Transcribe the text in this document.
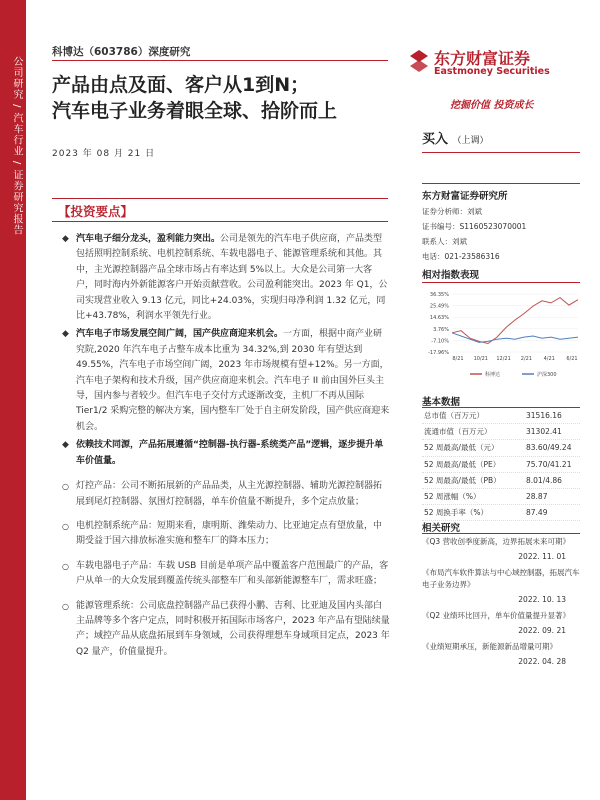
公司研究 / 汽车行业 / 证券研究报告
科博达（603786）深度研究
产品由点及面、客户从1到N；
汽车电子业务着眼全球、拾阶而上
2023 年 08 月 21 日
东方财富证券
Eastmoney Securities
挖掘价值 投资成长
买入 （上调）
东方财富证券研究所
证券分析师：刘斌
证书编号：S1160523070001
联系人：刘斌
电话：021-23586316
相对指数表现
36.35%
25.49%
14.63%
3.76%
-7.10%
-17.96%
8/21 10/21 12/21 2/21 4/21 6/21
科博达	沪深300
基本数据
总市值（百万元）	31516.16
流通市值（百万元）	31302.41
52 周最高/最低（元）	83.60/49.24
52 周最高/最低（PE）	75.70/41.21
52 周最高/最低（PB）	8.01/4.86
52 周涨幅（%）	28.87
52 周换手率（%）	87.49
相关研究
《Q3 营收创季度新高，边界拓展未来可期》
2022. 11. 01
《布局汽车软件算法与中心域控制器，拓展汽车电子业务边界》
2022. 10. 13
《Q2 业绩环比回升，单车价值量提升显著》
2022. 09. 21
《业绩短期承压，新能源新品增量可期》
2022. 04. 28
【投资要点】
◆ 汽车电子细分龙头，盈利能力突出。公司是领先的汽车电子供应商，产品类型包括照明控制系统、电机控制系统、车载电器电子、能源管理系统和其他。其中，主光源控制器产品全球市场占有率达到 5%以上。大众是公司第一大客户，同时海内外新能源客户开始贡献营收。公司盈利能突出。2023 年 Q1，公司实现营业收入 9.13 亿元，同比+24.03%，实现归母净利润 1.32 亿元，同比+43.78%，利润水平领先行业。
◆ 汽车电子市场发展空间广阔，国产供应商迎来机会。一方面，根据中商产业研究院,2020 年汽车电子占整车成本比重为 34.32%,到 2030 年有望达到 49.55%，汽车电子市场空间广阔，2023 年市场规模有望+12%。另一方面，汽车电子架构和技术升级，国产供应商迎来机会。汽车电子 II 前由国外巨头主导，国内参与者较少。但汽车电子交付方式逐渐改变，主机厂不再从国际 Tier1/2 采购完整的解决方案，国内整车厂处于自主研发阶段，国产供应商迎来机会。
◆ 依赖技术同源，产品拓展遵循“控制器-执行器-系统类产品”逻辑，逐步提升单车价值量。
○ 灯控产品：公司不断拓展新的产品品类，从主光源控制器、辅助光源控制器拓展到尾灯控制器、氛围灯控制器，单车价值量不断提升，多个定点放量；
○ 电机控制系统产品：短期来看，康明斯、潍柴动力、比亚迪定点有望放量，中期受益于国六排放标准实施和整车厂的降本压力；
○ 车载电器电子产品：车载 USB 目前是单项产品中覆盖客户范围最广的产品，客户从单一的大众发展到覆盖传统头部整车厂和头部新能源整车厂，需求旺盛；
○ 能源管理系统：公司底盘控制器产品已获得小鹏、吉利、比亚迪及国内头部白主品牌等多个客户定点，同时积极开拓国际市场客户，2023 年产品有望陆续量产；域控产品从底盘拓展到车身领域，公司获得理想车身域项目定点，2023 年 Q2 量产，价值量提升。
